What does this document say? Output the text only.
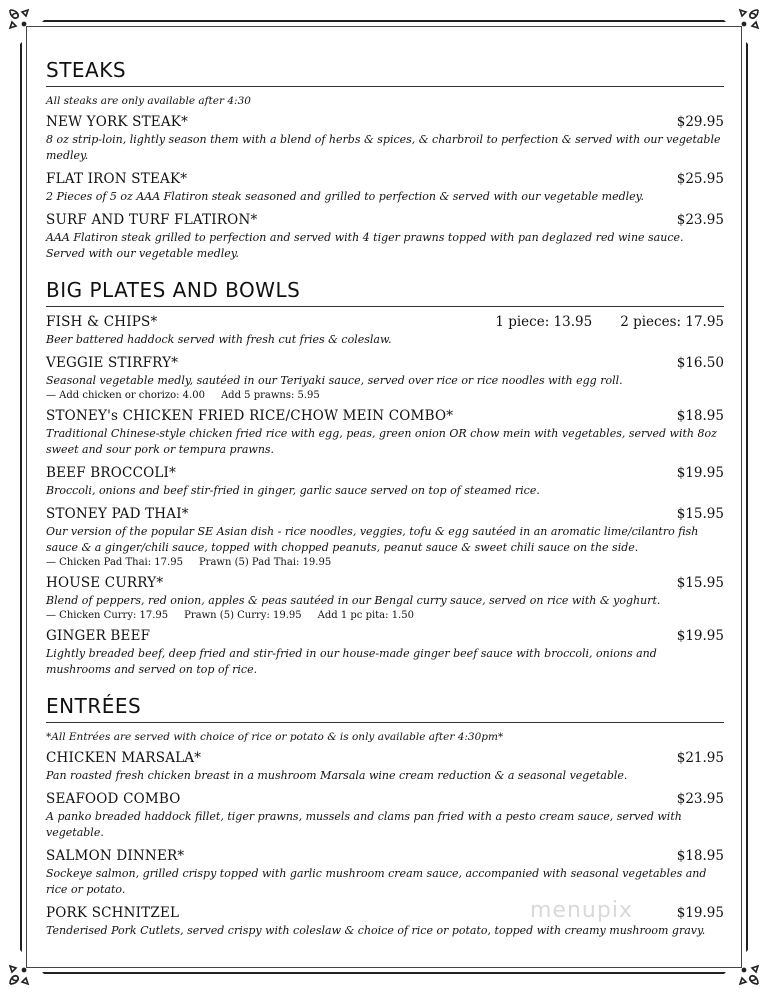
STEAKS
All steaks are only available after 4:30
NEW YORK STEAK*	$29.95
8 oz strip-loin, lightly season them with a blend of herbs & spices, & charbroil to perfection & served with our vegetable medley.
FLAT IRON STEAK*	$25.95
2 Pieces of 5 oz AAA Flatiron steak seasoned and grilled to perfection & served with our vegetable medley.
SURF AND TURF FLATIRON*	$23.95
AAA Flatiron steak grilled to perfection and served with 4 tiger prawns topped with pan deglazed red wine sauce. Served with our vegetable medley.
BIG PLATES AND BOWLS
FISH & CHIPS*	1 piece: 13.95 2 pieces: 17.95
Beer battered haddock served with fresh cut fries & coleslaw.
VEGGIE STIRFRY*	$16.50
Seasonal vegetable medly, sautéed in our Teriyaki sauce, served over rice or rice noodles with egg roll.
— Add chicken or chorizo: 4.00 Add 5 prawns: 5.95
STONEY's CHICKEN FRIED RICE/CHOW MEIN COMBO*	$18.95
Traditional Chinese-style chicken fried rice with egg, peas, green onion OR chow mein with vegetables, served with 8oz sweet and sour pork or tempura prawns.
BEEF BROCCOLI*	$19.95
Broccoli, onions and beef stir-fried in ginger, garlic sauce served on top of steamed rice.
STONEY PAD THAI*	$15.95
Our version of the popular SE Asian dish - rice noodles, veggies, tofu & egg sautéed in an aromatic lime/cilantro fish sauce & a ginger/chili sauce, topped with chopped peanuts, peanut sauce & sweet chili sauce on the side.
— Chicken Pad Thai: 17.95 Prawn (5) Pad Thai: 19.95
HOUSE CURRY*	$15.95
Blend of peppers, red onion, apples & peas sautéed in our Bengal curry sauce, served on rice with & yoghurt.
— Chicken Curry: 17.95 Prawn (5) Curry: 19.95 Add 1 pc pita: 1.50
GINGER BEEF	$19.95
Lightly breaded beef, deep fried and stir-fried in our house-made ginger beef sauce with broccoli, onions and mushrooms and served on top of rice.
ENTRÉES
*All Entrées are served with choice of rice or potato & is only available after 4:30pm*
CHICKEN MARSALA*	$21.95
Pan roasted fresh chicken breast in a mushroom Marsala wine cream reduction & a seasonal vegetable.
SEAFOOD COMBO	$23.95
A panko breaded haddock fillet, tiger prawns, mussels and clams pan fried with a pesto cream sauce, served with vegetable.
SALMON DINNER*	$18.95
Sockeye salmon, grilled crispy topped with garlic mushroom cream sauce, accompanied with seasonal vegetables and rice or potato.
PORK SCHNITZEL	$19.95
Tenderised Pork Cutlets, served crispy with coleslaw & choice of rice or potato, topped with creamy mushroom gravy.
menupix
